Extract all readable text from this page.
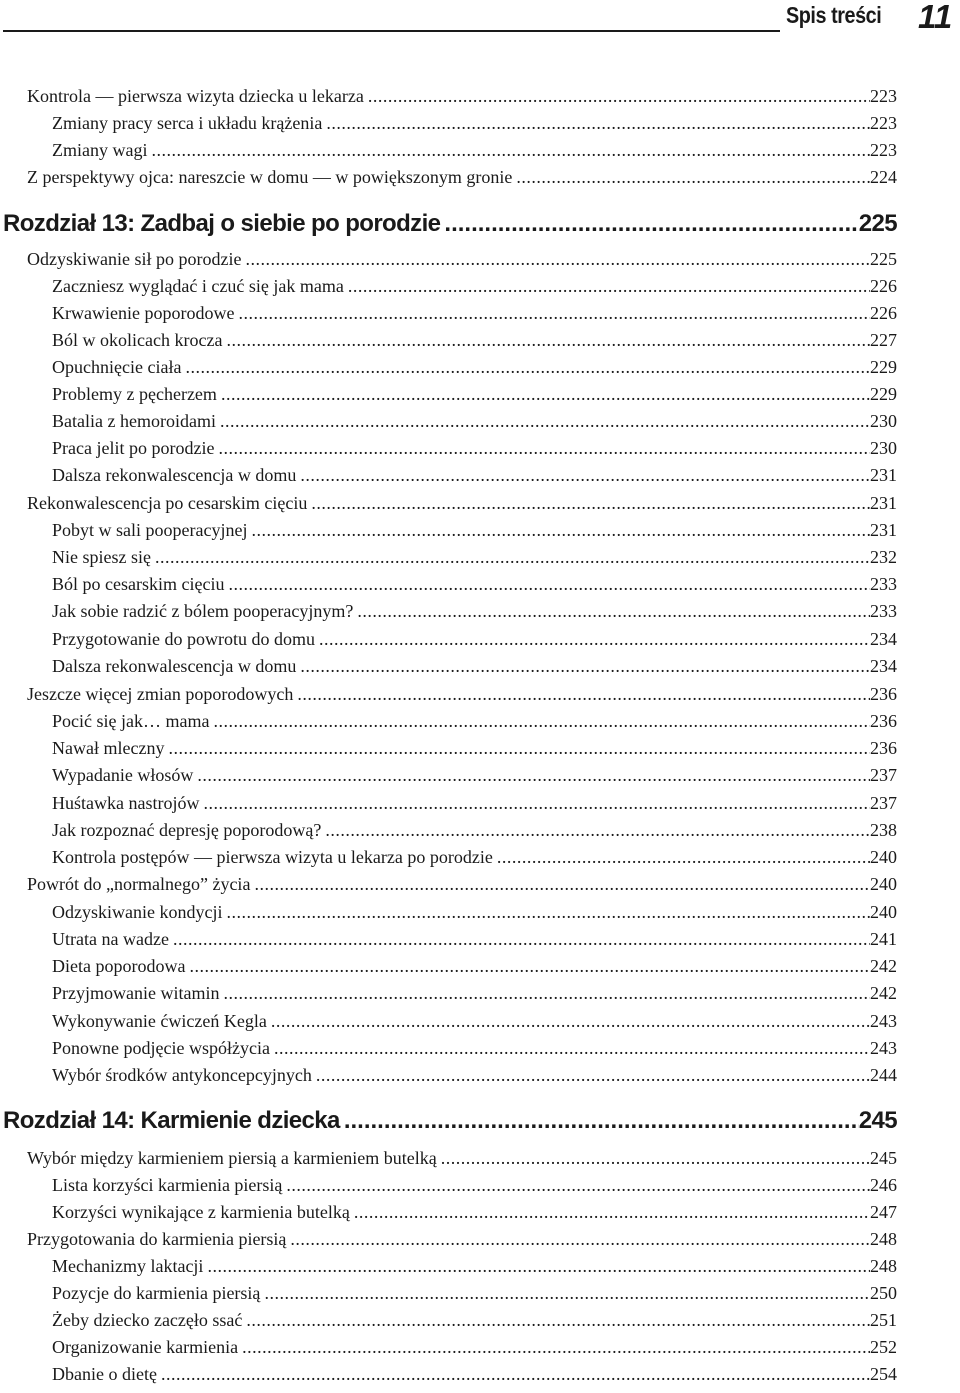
Spis treści 11
Kontrola — pierwsza wizyta dziecka u lekarza .....	223
Zmiany pracy serca i układu krążenia .....	223
Zmiany wagi .....	223
Z perspektywy ojca: nareszcie w domu — w powiększonym gronie .....	224
Rozdział 13: Zadbaj o siebie po porodzie .....	225
Odzyskiwanie sił po porodzie .....	225
Zaczniesz wyglądać i czuć się jak mama .....	226
Krwawienie poporodowe .....	226
Ból w okolicach krocza .....	227
Opuchnięcie ciała .....	229
Problemy z pęcherzem .....	229
Batalia z hemoroidami .....	230
Praca jelit po porodzie .....	230
Dalsza rekonwalescencja w domu .....	231
Rekonwalescencja po cesarskim cięciu .....	231
Pobyt w sali pooperacyjnej .....	231
Nie spiesz się .....	232
Ból po cesarskim cięciu .....	233
Jak sobie radzić z bólem pooperacyjnym? .....	233
Przygotowanie do powrotu do domu .....	234
Dalsza rekonwalescencja w domu .....	234
Jeszcze więcej zmian poporodowych .....	236
Pocić się jak… mama .....	236
Nawał mleczny .....	236
Wypadanie włosów .....	237
Huśtawka nastrojów .....	237
Jak rozpoznać depresję poporodową? .....	238
Kontrola postępów — pierwsza wizyta u lekarza po porodzie .....	240
Powrót do „normalnego” życia .....	240
Odzyskiwanie kondycji .....	240
Utrata na wadze .....	241
Dieta poporodowa .....	242
Przyjmowanie witamin .....	242
Wykonywanie ćwiczeń Kegla .....	243
Ponowne podjęcie współżycia .....	243
Wybór środków antykoncepcyjnych .....	244
Rozdział 14: Karmienie dziecka .....	245
Wybór między karmieniem piersią a karmieniem butelką .....	245
Lista korzyści karmienia piersią .....	246
Korzyści wynikające z karmienia butelką .....	247
Przygotowania do karmienia piersią .....	248
Mechanizmy laktacji .....	248
Pozycje do karmienia piersią .....	250
Żeby dziecko zaczęło ssać .....	251
Organizowanie karmienia .....	252
Dbanie o dietę .....	254
